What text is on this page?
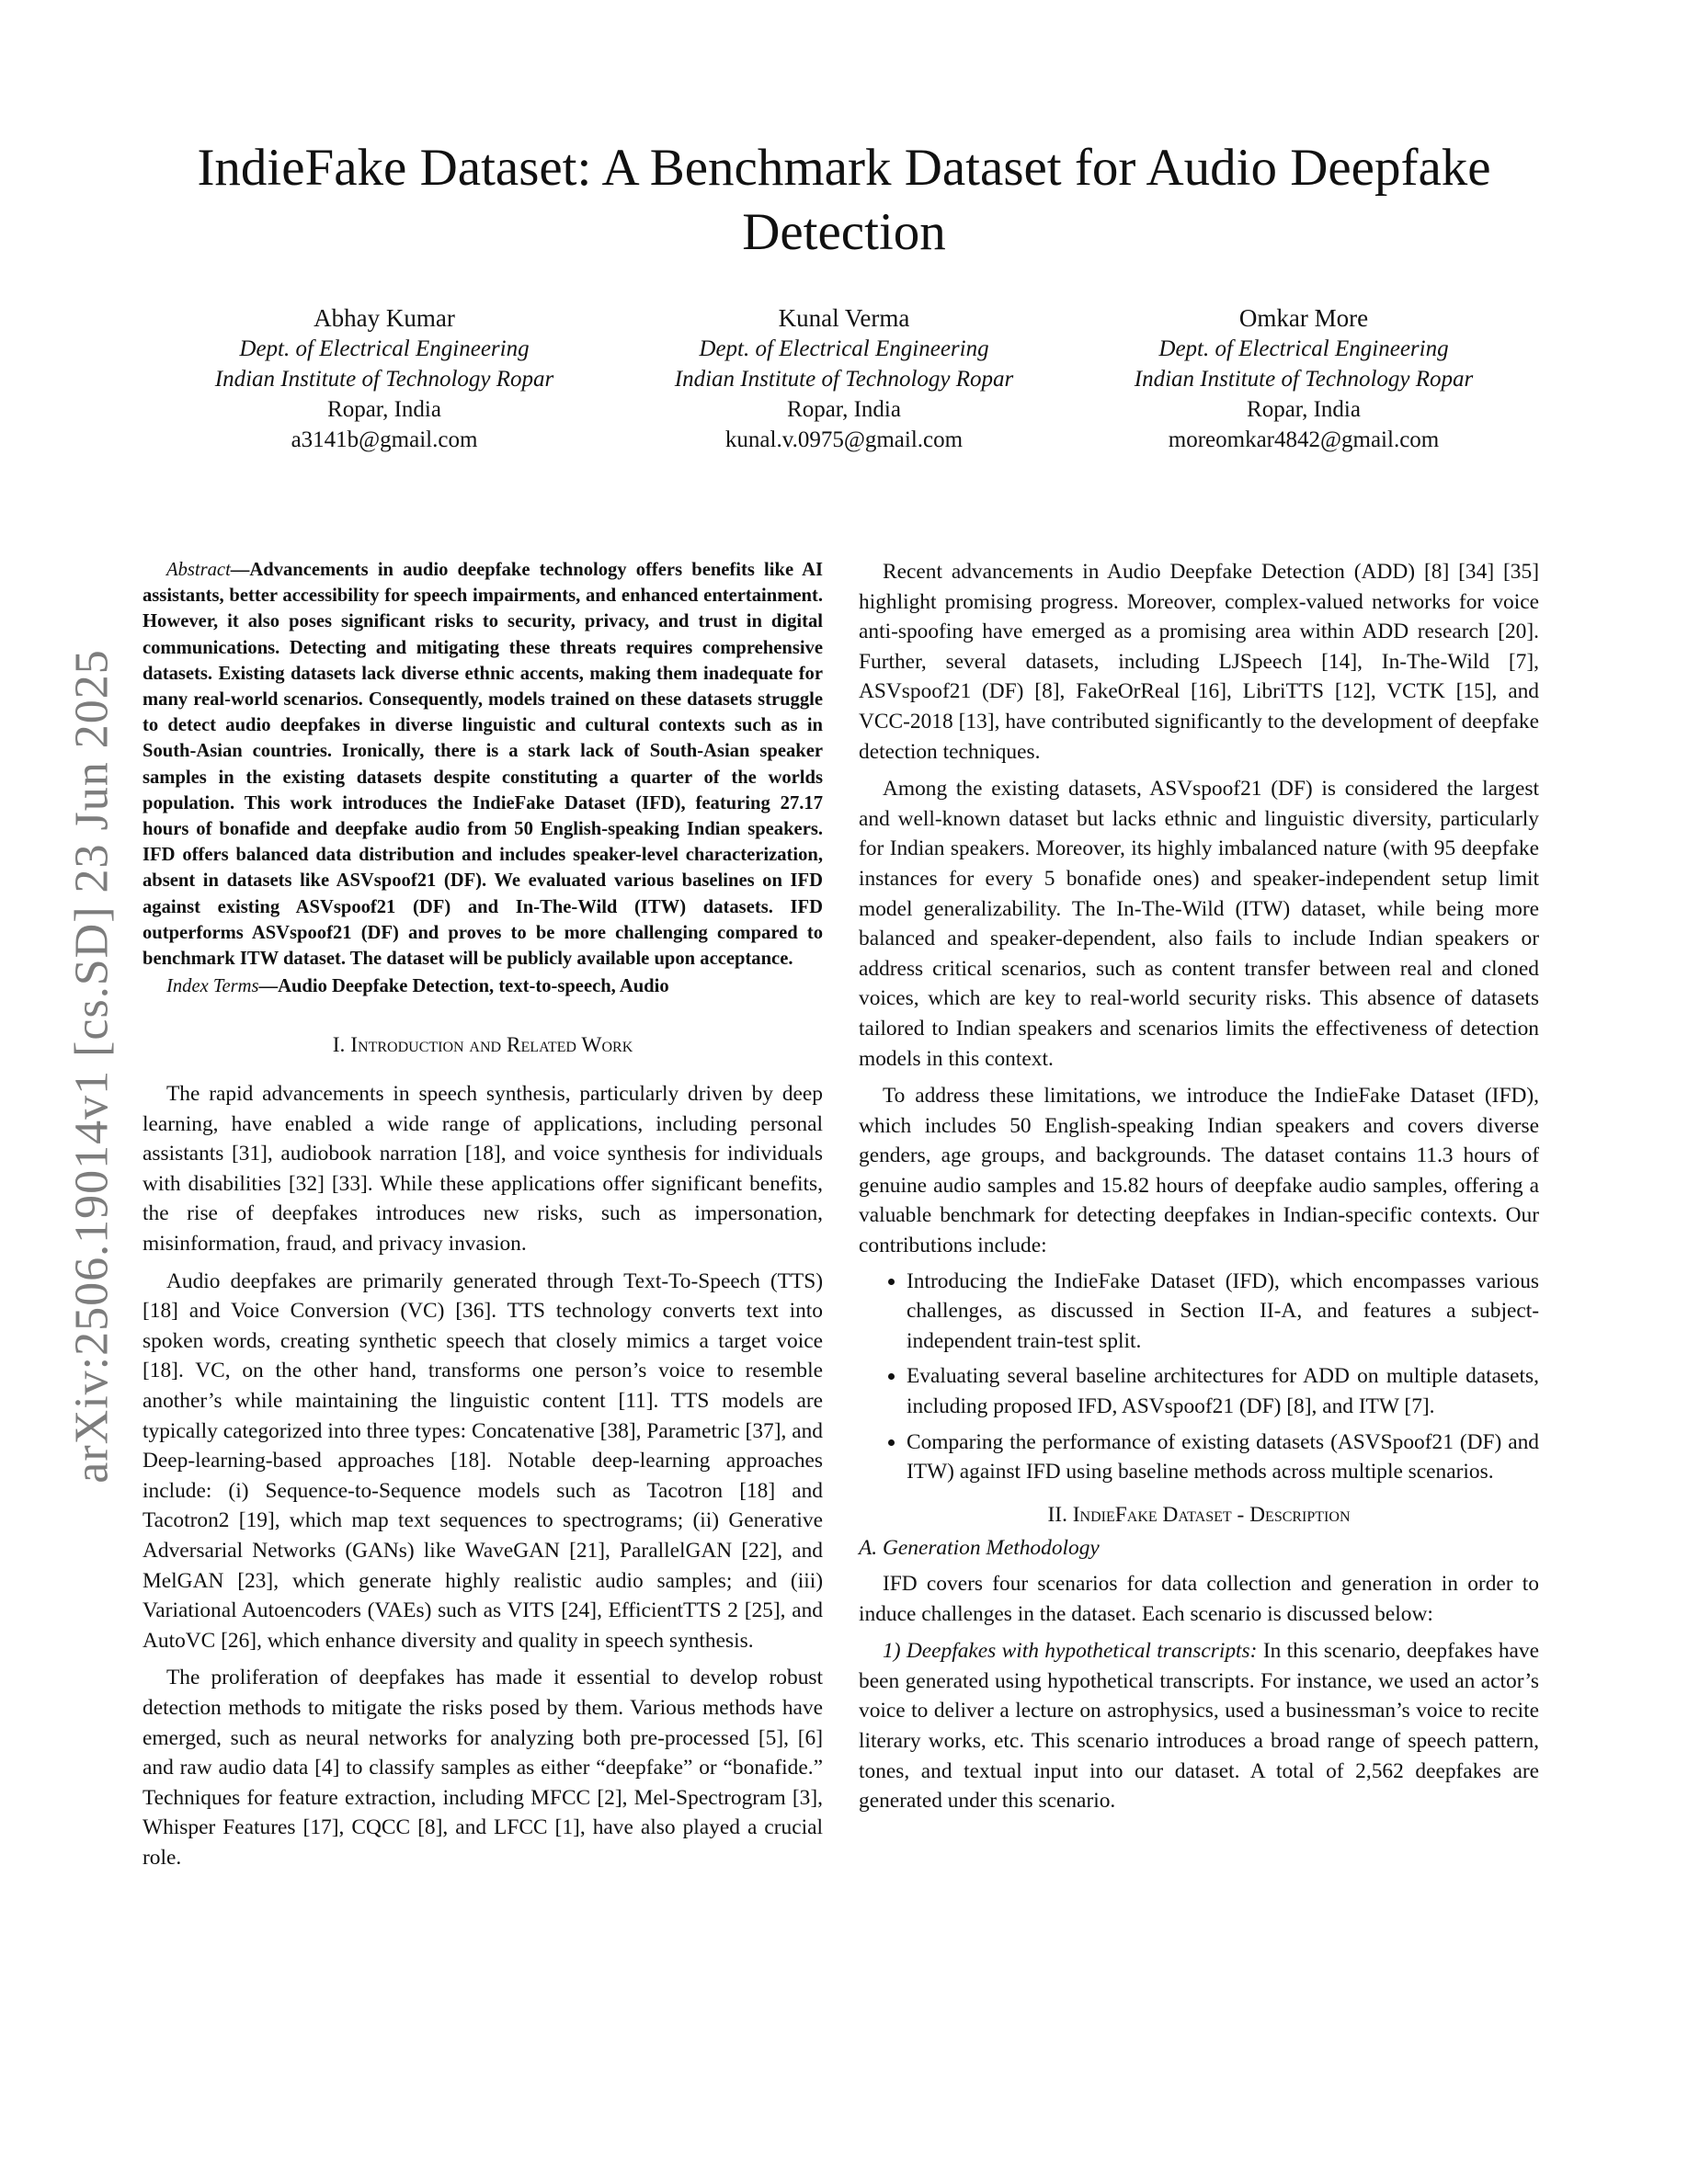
arXiv:2506.19014v1 [cs.SD] 23 Jun 2025
IndieFake Dataset: A Benchmark Dataset for Audio Deepfake Detection
Abhay Kumar
Dept. of Electrical Engineering
Indian Institute of Technology Ropar
Ropar, India
a3141b@gmail.com
Kunal Verma
Dept. of Electrical Engineering
Indian Institute of Technology Ropar
Ropar, India
kunal.v.0975@gmail.com
Omkar More
Dept. of Electrical Engineering
Indian Institute of Technology Ropar
Ropar, India
moreomkar4842@gmail.com

Abstract—Advancements in audio deepfake technology offers benefits like AI assistants, better accessibility for speech impairments, and enhanced entertainment. However, it also poses significant risks to security, privacy, and trust in digital communications. Detecting and mitigating these threats requires comprehensive datasets. Existing datasets lack diverse ethnic accents, making them inadequate for many real-world scenarios. Consequently, models trained on these datasets struggle to detect audio deepfakes in diverse linguistic and cultural contexts such as in South-Asian countries. Ironically, there is a stark lack of South-Asian speaker samples in the existing datasets despite constituting a quarter of the worlds population. This work introduces the IndieFake Dataset (IFD), featuring 27.17 hours of bonafide and deepfake audio from 50 English-speaking Indian speakers. IFD offers balanced data distribution and includes speaker-level characterization, absent in datasets like ASVspoof21 (DF). We evaluated various baselines on IFD against existing ASVspoof21 (DF) and In-The-Wild (ITW) datasets. IFD outperforms ASVspoof21 (DF) and proves to be more challenging compared to benchmark ITW dataset. The dataset will be publicly available upon acceptance.

Index Terms—Audio Deepfake Detection, text-to-speech, Audio

I. Introduction and Related Work

The rapid advancements in speech synthesis, particularly driven by deep learning, have enabled a wide range of applications, including personal assistants [31], audiobook narration [18], and voice synthesis for individuals with disabilities [32] [33]. While these applications offer significant benefits, the rise of deepfakes introduces new risks, such as impersonation, misinformation, fraud, and privacy invasion.

Audio deepfakes are primarily generated through Text-To-Speech (TTS) [18] and Voice Conversion (VC) [36]. TTS technology converts text into spoken words, creating synthetic speech that closely mimics a target voice [18]. VC, on the other hand, transforms one person’s voice to resemble another’s while maintaining the linguistic content [11]. TTS models are typically categorized into three types: Concatenative [38], Parametric [37], and Deep-learning-based approaches [18]. Notable deep-learning approaches include: (i) Sequence-to-Sequence models such as Tacotron [18] and Tacotron2 [19], which map text sequences to spectrograms; (ii) Generative Adversarial Networks (GANs) like WaveGAN [21], ParallelGAN [22], and MelGAN [23], which generate highly realistic audio samples; and (iii) Variational Autoencoders (VAEs) such as VITS [24], EfficientTTS 2 [25], and AutoVC [26], which enhance diversity and quality in speech synthesis.

The proliferation of deepfakes has made it essential to develop robust detection methods to mitigate the risks posed by them. Various methods have emerged, such as neural networks for analyzing both pre-processed [5], [6] and raw audio data [4] to classify samples as either “deepfake” or “bonafide.” Techniques for feature extraction, including MFCC [2], Mel-Spectrogram [3], Whisper Features [17], CQCC [8], and LFCC [1], have also played a crucial role.

Recent advancements in Audio Deepfake Detection (ADD) [8] [34] [35] highlight promising progress. Moreover, complex-valued networks for voice anti-spoofing have emerged as a promising area within ADD research [20]. Further, several datasets, including LJSpeech [14], In-The-Wild [7], ASVspoof21 (DF) [8], FakeOrReal [16], LibriTTS [12], VCTK [15], and VCC-2018 [13], have contributed significantly to the development of deepfake detection techniques.

Among the existing datasets, ASVspoof21 (DF) is considered the largest and well-known dataset but lacks ethnic and linguistic diversity, particularly for Indian speakers. Moreover, its highly imbalanced nature (with 95 deepfake instances for every 5 bonafide ones) and speaker-independent setup limit model generalizability. The In-The-Wild (ITW) dataset, while being more balanced and speaker-dependent, also fails to include Indian speakers or address critical scenarios, such as content transfer between real and cloned voices, which are key to real-world security risks. This absence of datasets tailored to Indian speakers and scenarios limits the effectiveness of detection models in this context.

To address these limitations, we introduce the IndieFake Dataset (IFD), which includes 50 English-speaking Indian speakers and covers diverse genders, age groups, and backgrounds. The dataset contains 11.3 hours of genuine audio samples and 15.82 hours of deepfake audio samples, offering a valuable benchmark for detecting deepfakes in Indian-specific contexts. Our contributions include:

• Introducing the IndieFake Dataset (IFD), which encompasses various challenges, as discussed in Section II-A, and features a subject-independent train-test split.
• Evaluating several baseline architectures for ADD on multiple datasets, including proposed IFD, ASVspoof21 (DF) [8], and ITW [7].
• Comparing the performance of existing datasets (ASVSpoof21 (DF) and ITW) against IFD using baseline methods across multiple scenarios.
II. IndieFake Dataset - Description

A. Generation Methodology

IFD covers four scenarios for data collection and generation in order to induce challenges in the dataset. Each scenario is discussed below:

1) Deepfakes with hypothetical transcripts: In this scenario, deepfakes have been generated using hypothetical transcripts. For instance, we used an actor’s voice to deliver a lecture on astrophysics, used a businessman’s voice to recite literary works, etc. This scenario introduces a broad range of speech pattern, tones, and textual input into our dataset. A total of 2,562 deepfakes are generated under this scenario.
